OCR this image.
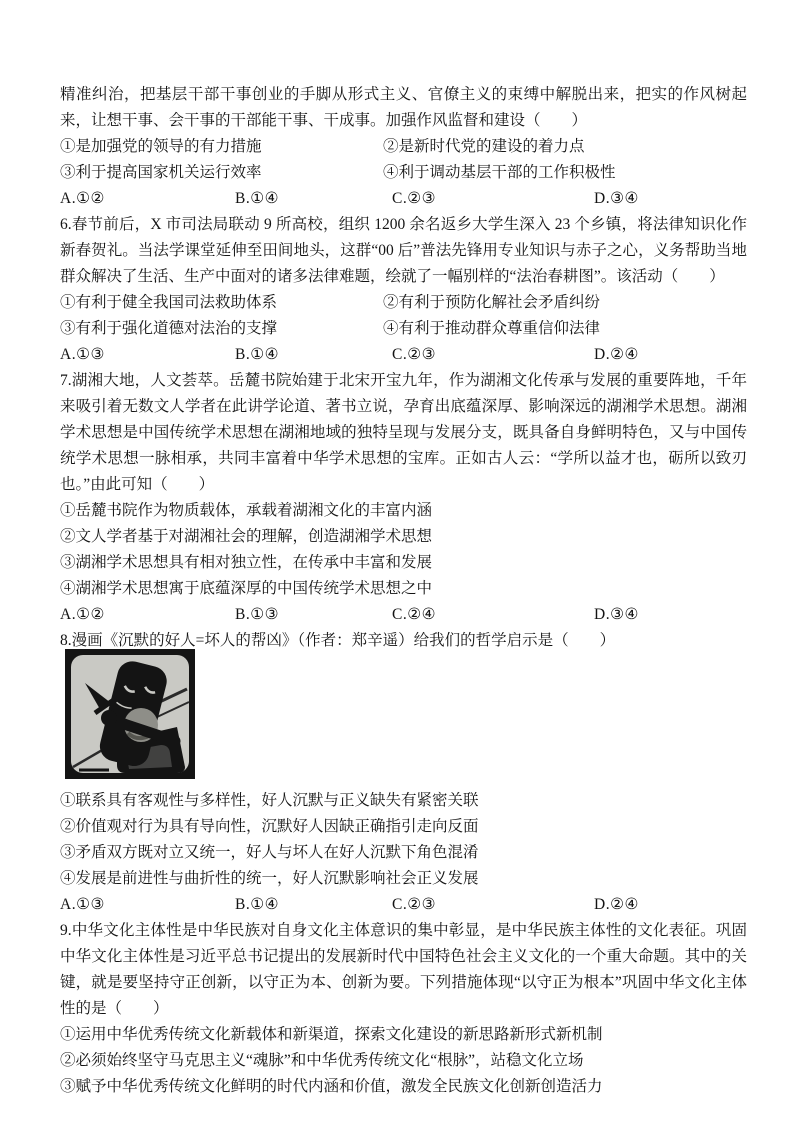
精准纠治，把基层干部干事创业的手脚从形式主义、官僚主义的束缚中解脱出来，把实的作风树起来，让想干事、会干事的干部能干事、干成事。加强作风监督和建设（　　）

①是加强党的领导的有力措施	②是新时代党的建设的着力点
③利于提高国家机关运行效率	④利于调动基层干部的工作积极性
A.①②	B.①④	C.②③	D.③④

6.春节前后，X 市司法局联动 9 所高校，组织 1200 余名返乡大学生深入 23 个乡镇，将法律知识化作新春贺礼。当法学课堂延伸至田间地头，这群“00 后”普法先锋用专业知识与赤子之心，义务帮助当地群众解决了生活、生产中面对的诸多法律难题，绘就了一幅别样的“法治春耕图”。该活动（　　）

①有利于健全我国司法救助体系	②有利于预防化解社会矛盾纠纷
③有利于强化道德对法治的支撑	④有利于推动群众尊重信仰法律
A.①③	B.①④	C.②③	D.②④

7.湖湘大地，人文荟萃。岳麓书院始建于北宋开宝九年，作为湖湘文化传承与发展的重要阵地，千年来吸引着无数文人学者在此讲学论道、著书立说，孕育出底蕴深厚、影响深远的湖湘学术思想。湖湘学术思想是中国传统学术思想在湖湘地域的独特呈现与发展分支，既具备自身鲜明特色，又与中国传统学术思想一脉相承，共同丰富着中华学术思想的宝库。正如古人云：“学所以益才也，砺所以致刃也。”由此可知（　　）

①岳麓书院作为物质载体，承载着湖湘文化的丰富内涵

②文人学者基于对湖湘社会的理解，创造湖湘学术思想

③湖湘学术思想具有相对独立性，在传承中丰富和发展

④湖湘学术思想寓于底蕴深厚的中国传统学术思想之中

A.①②	B.①③	C.②④	D.③④

8.漫画《沉默的好人=坏人的帮凶》（作者：郑辛遥）给我们的哲学启示是（　　）

①联系具有客观性与多样性，好人沉默与正义缺失有紧密关联

②价值观对行为具有导向性，沉默好人因缺正确指引走向反面

③矛盾双方既对立又统一，好人与坏人在好人沉默下角色混淆

④发展是前进性与曲折性的统一，好人沉默影响社会正义发展

A.①③	B.①④	C.②③	D.②④

9.中华文化主体性是中华民族对自身文化主体意识的集中彰显，是中华民族主体性的文化表征。巩固中华文化主体性是习近平总书记提出的发展新时代中国特色社会主义文化的一个重大命题。其中的关键，就是要坚持守正创新，以守正为本、创新为要。下列措施体现“以守正为根本”巩固中华文化主体性的是（　　）

①运用中华优秀传统文化新载体和新渠道，探索文化建设的新思路新形式新机制

②必须始终坚守马克思主义“魂脉”和中华优秀传统文化“根脉”，站稳文化立场

③赋予中华优秀传统文化鲜明的时代内涵和价值，激发全民族文化创新创造活力
